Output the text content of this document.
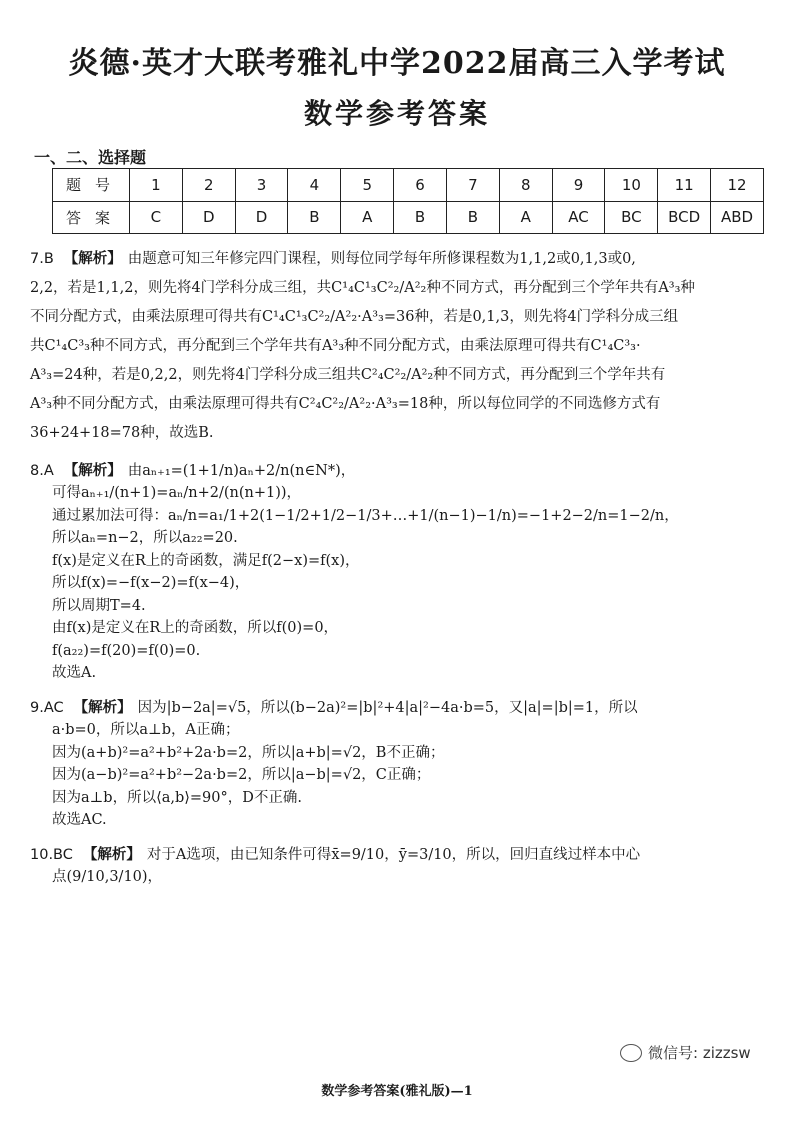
炎德·英才大联考雅礼中学2022届高三入学考试
数学参考答案
一、二、选择题
题号	1	2	3	4	5	6	7	8	9	10	11	12
答案	C	D	D	B	A	B	B	A	AC	BC	BCD	ABD

7.B 【解析】 由题意可知三年修完四门课程，则每位同学每年所修课程数为1,1,2或0,1,3或0,

2,2，若是1,1,2，则先将4门学科分成三组，共C¹₄C¹₃C²₂/A²₂种不同方式，再分配到三个学年共有A³₃种

不同分配方式，由乘法原理可得共有C¹₄C¹₃C²₂/A²₂·A³₃=36种，若是0,1,3，则先将4门学科分成三组

共C¹₄C³₃种不同方式，再分配到三个学年共有A³₃种不同分配方式，由乘法原理可得共有C¹₄C³₃·

A³₃=24种，若是0,2,2，则先将4门学科分成三组共C²₄C²₂/A²₂种不同方式，再分配到三个学年共有

A³₃种不同分配方式，由乘法原理可得共有C²₄C²₂/A²₂·A³₃=18种，所以每位同学的不同选修方式有

36+24+18=78种，故选B.

8.A 【解析】 由aₙ₊₁=(1+1/n)aₙ+2/n(n∈N*)，

可得aₙ₊₁/(n+1)=aₙ/n+2/(n(n+1))，

通过累加法可得：aₙ/n=a₁/1+2(1−1/2+1/2−1/3+…+1/(n−1)−1/n)=−1+2−2/n=1−2/n，

所以aₙ=n−2，所以a₂₂=20.

f(x)是定义在R上的奇函数，满足f(2−x)=f(x)，

所以f(x)=−f(x−2)=f(x−4)，

所以周期T=4.

由f(x)是定义在R上的奇函数，所以f(0)=0，

f(a₂₂)=f(20)=f(0)=0.

故选A.

9.AC 【解析】 因为|b−2a|=√5，所以(b−2a)²=|b|²+4|a|²−4a·b=5，又|a|=|b|=1，所以

a·b=0，所以a⊥b，A正确；

因为(a+b)²=a²+b²+2a·b=2，所以|a+b|=√2，B不正确；

因为(a−b)²=a²+b²−2a·b=2，所以|a−b|=√2，C正确；

因为a⊥b，所以⟨a,b⟩=90°，D不正确.

故选AC.

10.BC 【解析】 对于A选项，由已知条件可得x̄=9/10，ȳ=3/10，所以，回归直线过样本中心

点(9/10,3/10)，

微信号: zizzsw
数学参考答案(雅礼版)—1
